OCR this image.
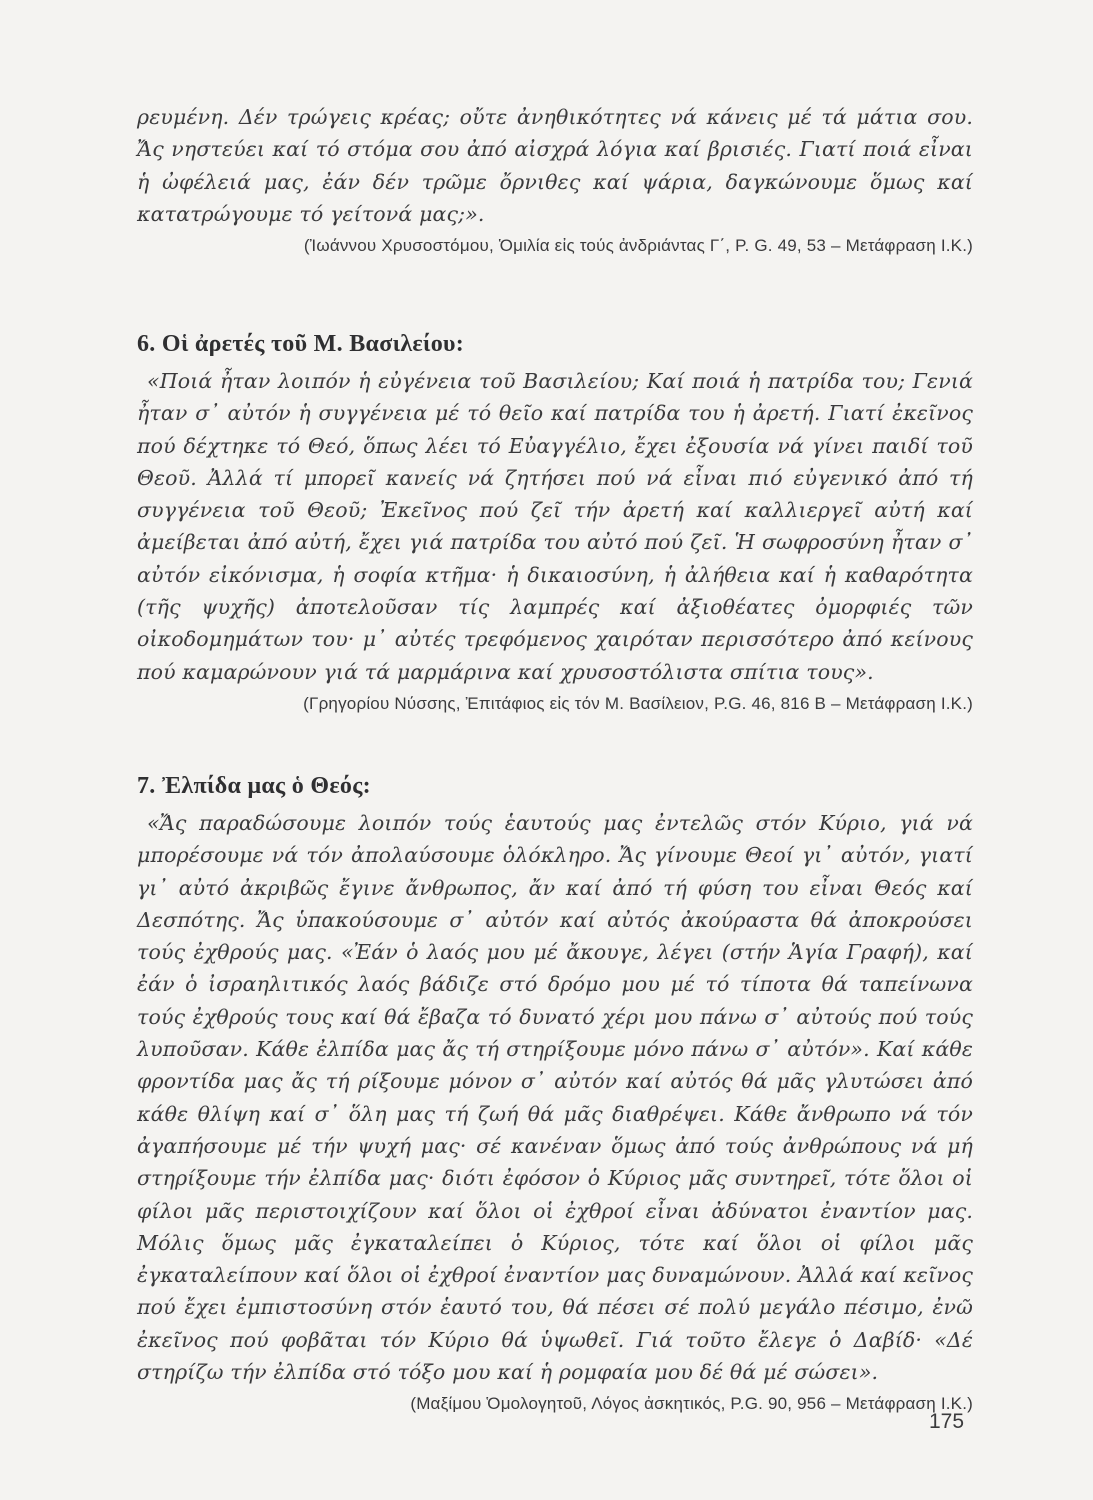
ρευμένη. Δέν τρώγεις κρέας; οὔτε ἀνηθικότητες νά κάνεις μέ τά μάτια σου. Ἄς νηστεύει καί τό στόμα σου ἀπό αἰσχρά λόγια καί βρισιές. Γιατί ποιά εἶναι ἡ ὠφέλειά μας, ἐάν δέν τρῶμε ὄρνιθες καί ψάρια, δαγκώνουμε ὅμως καί κατατρώγουμε τό γείτονά μας;».

(Ἰωάννου Χρυσοστόμου, Ὁμιλία εἰς τούς ἀνδριάντας Γ΄, P. G. 49, 53 – Μετάφραση Ι.Κ.)

6. Οἱ ἀρετές τοῦ Μ. Βασιλείου:

«Ποιά ἦταν λοιπόν ἡ εὐγένεια τοῦ Βασιλείου; Καί ποιά ἡ πατρίδα του; Γενιά ἦταν σ᾽ αὐτόν ἡ συγγένεια μέ τό θεῖο καί πατρίδα του ἡ ἀρετή. Γιατί ἐκεῖνος πού δέχτηκε τό Θεό, ὅπως λέει τό Εὐαγγέλιο, ἔχει ἐξουσία νά γίνει παιδί τοῦ Θεοῦ. Ἀλλά τί μπορεῖ κανείς νά ζητήσει πού νά εἶναι πιό εὐγενικό ἀπό τή συγγένεια τοῦ Θεοῦ; Ἐκεῖνος πού ζεῖ τήν ἀρετή καί καλλιεργεῖ αὐτή καί ἀμείβεται ἀπό αὐτή, ἔχει γιά πατρίδα του αὐτό πού ζεῖ. Ἡ σωφροσύνη ἦταν σ᾽ αὐτόν εἰκόνισμα, ἡ σοφία κτῆμα· ἡ δικαιοσύνη, ἡ ἀλήθεια καί ἡ καθαρότητα (τῆς ψυχῆς) ἀποτελοῦσαν τίς λαμπρές καί ἀξιοθέατες ὀμορφιές τῶν οἰκοδομημάτων του· μ᾽ αὐτές τρεφόμενος χαιρόταν περισσότερο ἀπό κείνους πού καμαρώνουν γιά τά μαρμάρινα καί χρυσοστόλιστα σπίτια τους».

(Γρηγορίου Νύσσης, Ἐπιτάφιος εἰς τόν Μ. Βασίλειον, P.G. 46, 816 B – Μετάφραση Ι.Κ.)

7. Ἐλπίδα μας ὁ Θεός:

«Ἄς παραδώσουμε λοιπόν τούς ἑαυτούς μας ἐντελῶς στόν Κύριο, γιά νά μπορέσουμε νά τόν ἀπολαύσουμε ὁλόκληρο. Ἄς γίνουμε Θεοί γι᾽ αὐτόν, γιατί γι᾽ αὐτό ἀκριβῶς ἔγινε ἄνθρωπος, ἄν καί ἀπό τή φύση του εἶναι Θεός καί Δεσπότης. Ἄς ὑπακούσουμε σ᾽ αὐτόν καί αὐτός ἀκούραστα θά ἀποκρούσει τούς ἐχθρούς μας. «Ἐάν ὁ λαός μου μέ ἄκουγε, λέγει (στήν Ἁγία Γραφή), καί ἐάν ὁ ἰσραηλιτικός λαός βάδιζε στό δρόμο μου μέ τό τίποτα θά ταπείνωνα τούς ἐχθρούς τους καί θά ἔβαζα τό δυνατό χέρι μου πάνω σ᾽ αὐτούς πού τούς λυποῦσαν. Κάθε ἐλπίδα μας ἄς τή στηρίξουμε μόνο πάνω σ᾽ αὐτόν». Καί κάθε φροντίδα μας ἄς τή ρίξουμε μόνον σ᾽ αὐτόν καί αὐτός θά μᾶς γλυτώσει ἀπό κάθε θλίψη καί σ᾽ ὅλη μας τή ζωή θά μᾶς διαθρέψει. Κάθε ἄνθρωπο νά τόν ἀγαπήσουμε μέ τήν ψυχή μας· σέ κανέναν ὅμως ἀπό τούς ἀνθρώπους νά μή στηρίξουμε τήν ἐλπίδα μας· διότι ἐφόσον ὁ Κύριος μᾶς συντηρεῖ, τότε ὅλοι οἱ φίλοι μᾶς περιστοιχίζουν καί ὅλοι οἱ ἐχθροί εἶναι ἀδύνατοι ἐναντίον μας. Μόλις ὅμως μᾶς ἐγκαταλείπει ὁ Κύριος, τότε καί ὅλοι οἱ φίλοι μᾶς ἐγκαταλείπουν καί ὅλοι οἱ ἐχθροί ἐναντίον μας δυναμώνουν. Ἀλλά καί κεῖνος πού ἔχει ἐμπιστοσύνη στόν ἑαυτό του, θά πέσει σέ πολύ μεγάλο πέσιμο, ἐνῶ ἐκεῖνος πού φοβᾶται τόν Κύριο θά ὑψωθεῖ. Γιά τοῦτο ἔλεγε ὁ Δαβίδ· «Δέ στηρίζω τήν ἐλπίδα στό τόξο μου καί ἡ ρομφαία μου δέ θά μέ σώσει».

(Μαξίμου Ὁμολογητοῦ, Λόγος ἀσκητικός, P.G. 90, 956 – Μετάφραση Ι.Κ.)

175
